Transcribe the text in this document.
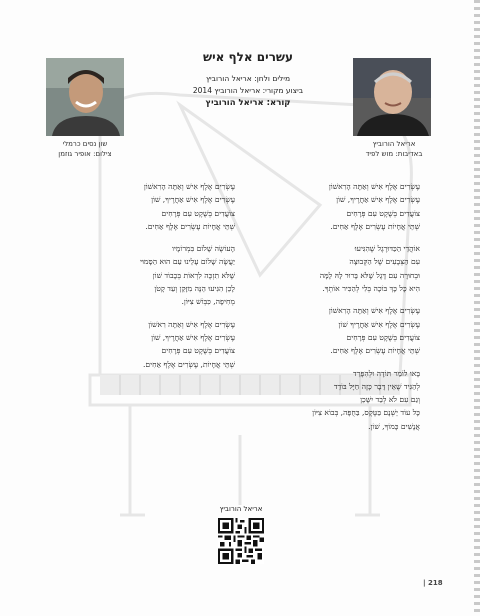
שון נסים כרמלי
צילום: אופיר גוזמן
אריאל הורוביץ
באדיבות: מוש לפיד
עשרים אלף איש
מילים ולחן: אריאל הורוביץ
ביצוע מקורי: אריאל הורוביץ 2014
קורא: אריאל הורוביץ
עֶשְׂרִים אֶלֶף אִישׁ וְאַתָּה הָרִאשׁוֹן
עֶשְׂרִים אֶלֶף אִישׁ אַחֲרֶיךָ, שׁוֹן
צוֹעֲדִים בְּשֶׁקֶט עִם פְּרָחִים
שְׁתֵּי אֲחָיוֹת עֶשְׂרִים אֶלֶף אַחִים.
אוֹהֲדֵי הַכַּדּוּרֶגֶל שֶׁהִגִּיעוּ
עִם הַצְּבָעִים שֶׁל הַקְּבוּצָה
וּבְחוּרָה עִם דֶּגֶל שֶׁלֹּא בָּרוּר לָהּ לָמָּה
הִיא כָּל כָּךְ בּוֹכָה בְּלִי לְהַכִּיר אוֹתְךָ.
עֶשְׂרִים אֶלֶף אִישׁ וְאַתָּה הָרִאשׁוֹן
עֶשְׂרִים אֶלֶף אִישׁ אַחֲרֶיךָ שׁוֹן
צוֹעֲדִים בְּשֶׁקֶט עִם פְּרָחִים
שְׁתֵּי אֲחָיוֹת עֶשְׂרִים אֶלֶף אַחִים.
בָּאוּ לוֹמַר תּוֹדָה וּלְהִפָּרֵד
לְהַגִּיד שֶׁאֵין דָּבָר כָּזֶה חַיָּל בּוֹדֵד
וְגַם עִם לֹא לְבַד יִשָּׁכֵן
כָּל עוֹד יֵשְׁנָם בַּטֶּקֶס, בַּחֻפָּה, בְּבוֹא צִיּוֹן
אֲנָשִׁים כָּמוֹךָ, שׁוֹן.
עֶשְׂרִים אֶלֶף אִישׁ וְאַתָּה הָרִאשׁוֹן
עֶשְׂרִים אֶלֶף אִישׁ אַחֲרֶיךָ, שׁוֹן
צוֹעֲדִים בְּשֶׁקֶט עִם פְּרָחִים
שְׁתֵּי אֲחָיוֹת עֶשְׂרִים אֶלֶף אַחִים.
הָעוֹשֶׂה שָׁלוֹם בִּמְרוֹמָיו
יַעֲשֶׂה שָׁלוֹם עָלֵינוּ עַם הוּא הַסָּמוּי
שֶׁלֹּא תִזְכֶּה לִרְאוֹת בְּכָבוֹד שׁוֹן
לָכֵן הִגִּיעוּ הֵנָּה מִזָּקֵן וְעַד קָטֹן
מְחִיפָה, כִּבְּוֹשׁ צִיּוֹן.
עֶשְׂרִים אֶלֶף אִישׁ וְאַתָּה רִאשׁוֹן
עֶשְׂרִים אֶלֶף אִישׁ אַחֲרֶיךָ, שׁוֹן
צוֹעֲדִים בְּשֶׁקֶט עִם פְּרָחִים
שְׁתֵּי אֲחָיוֹת, עֶשְׂרִים אֶלֶף אַחִים.
אריאל הורוביץ
| 218
